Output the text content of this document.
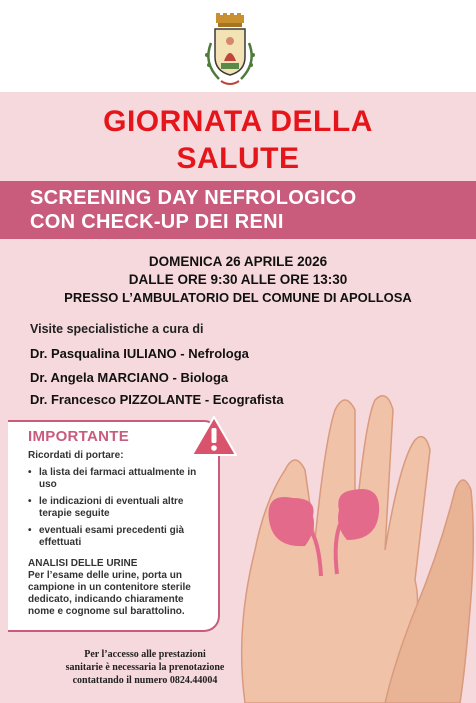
GIORNATA DELLA
SALUTE
SCREENING DAY NEFROLOGICO
CON CHECK-UP DEI RENI
DOMENICA 26 APRILE 2026
DALLE ORE 9:30 ALLE ORE 13:30
PRESSO L’AMBULATORIO DEL COMUNE DI APOLLOSA
Visite specialistiche a cura di
Dr. Pasqualina IULIANO - Nefrologa
Dr. Angela MARCIANO - Biologa
Dr. Francesco PIZZOLANTE - Ecografista
IMPORTANTE
Ricordati di portare:
• la lista dei farmaci attualmente in uso
• le indicazioni di eventuali altre terapie seguite
• eventuali esami precedenti già effettuati
ANALISI DELLE URINE
Per l’esame delle urine, porta un campione in un contenitore sterile dedicato, indicando chiaramente nome e cognome sul barattolino.
Per l’accesso alle prestazioni
sanitarie è necessaria la prenotazione
contattando il numero 0824.44004
